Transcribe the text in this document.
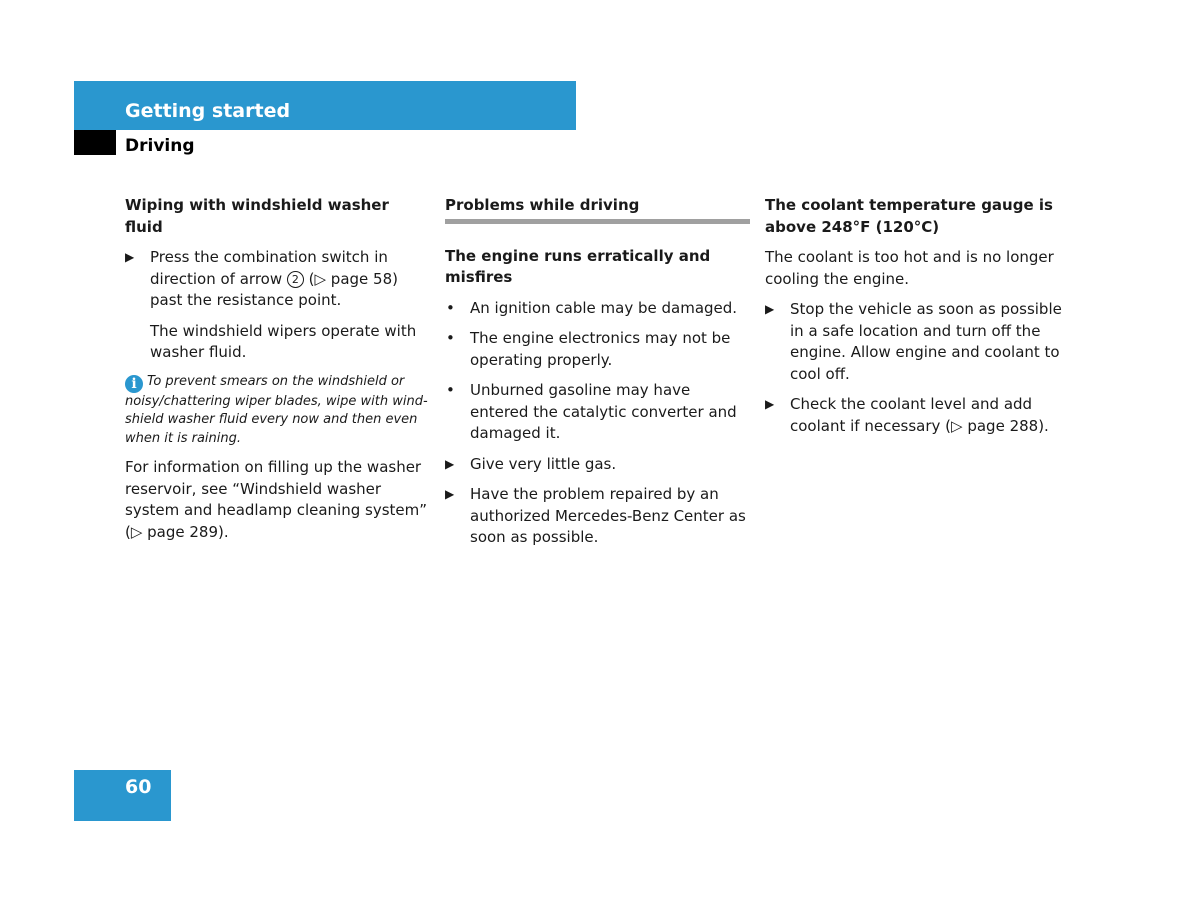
Getting started
Driving
Wiping with windshield washer fluid
▶	Press the combination switch in direction of arrow 2 (▷ page 58) past the resistance point.
The windshield wipers operate with washer fluid.
i To prevent smears on the windshield or noisy/chattering wiper blades, wipe with windshield washer fluid every now and then even when it is raining.
For information on filling up the washer reservoir, see “Windshield washer system and headlamp cleaning system” (▷ page 289).
Problems while driving
The engine runs erratically and misfires
• An ignition cable may be damaged.
• The engine electronics may not be operating properly.
• Unburned gasoline may have entered the catalytic converter and damaged it.
▶	Give very little gas.
▶	Have the problem repaired by an authorized Mercedes-Benz Center as soon as possible.
The coolant temperature gauge is above 248°F (120°C)
The coolant is too hot and is no longer cooling the engine.
▶	Stop the vehicle as soon as possible in a safe location and turn off the engine. Allow engine and coolant to cool off.
▶	Check the coolant level and add coolant if necessary (▷ page 288).
60
